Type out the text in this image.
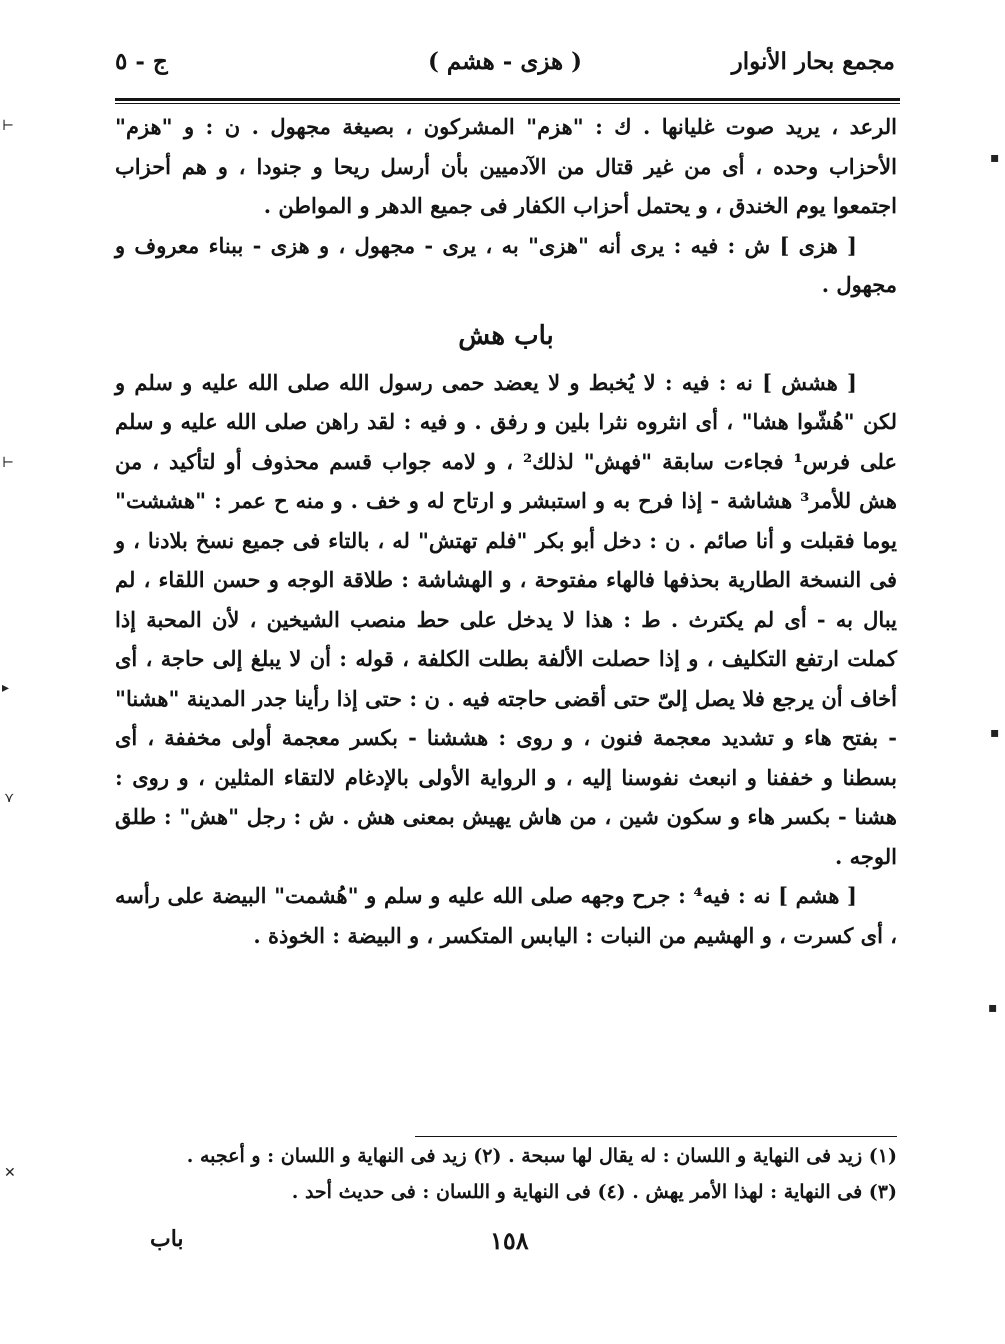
مجمع بحار الأنوار
( هزى - هشم )
ج - ٥

الرعد ، يريد صوت غليانها . ك : "هزم" المشركون ، بصيغة مجهول . ن : و "هزم" الأحزاب وحده ، أى من غير قتال من الآدميين بأن أرسل ريحا و جنودا ، و هم أحزاب اجتمعوا يوم الخندق ، و يحتمل أحزاب الكفار فى جميع الدهر و المواطن .

[ هزى ] ش : فيه : يرى أنه "هزى" به ، يرى - مجهول ، و هزى - ببناء معروف و مجهول .

باب هش

[ هشش ] نه : فيه : لا يُخبط و لا يعضد حمى رسول الله صلى الله عليه و سلم و لكن "هُشّوا هشا" ، أى انثروه نثرا بلين و رفق . و فيه : لقد راهن صلى الله عليه و سلم على فرس¹ فجاءت سابقة "فهش" لذلك² ، و لامه جواب قسم محذوف أو لتأكيد ، من هش للأمر³ هشاشة - إذا فرح به و استبشر و ارتاح له و خف . و منه ح عمر : "هششت" يوما فقبلت و أنا صائم . ن : دخل أبو بكر "فلم تهتش" له ، بالتاء فى جميع نسخ بلادنا ، و فى النسخة الطارية بحذفها فالهاء مفتوحة ، و الهشاشة : طلاقة الوجه و حسن اللقاء ، لم يبال به - أى لم يكترث . ط : هذا لا يدخل على حط منصب الشيخين ، لأن المحبة إذا كملت ارتفع التكليف ، و إذا حصلت الألفة بطلت الكلفة ، قوله : أن لا يبلغ إلى حاجة ، أى أخاف أن يرجع فلا يصل إلىّ حتى أقضى حاجته فيه . ن : حتى إذا رأينا جدر المدينة "هشنا" - بفتح هاء و تشديد معجمة فنون ، و روى : هششنا - بكسر معجمة أولى مخففة ، أى بسطنا و خففنا و انبعث نفوسنا إليه ، و الرواية الأولى بالإدغام لالتقاء المثلين ، و روى : هشنا - بكسر هاء و سكون شين ، من هاش يهيش بمعنى هش . ش : رجل "هش" : طلق الوجه .

[ هشم ] نه : فيه⁴ : جرح وجهه صلى الله عليه و سلم و "هُشمت" البيضة على رأسه ، أى كسرت ، و الهشيم من النبات : اليابس المتكسر ، و البيضة : الخوذة .

(١) زيد فى النهاية و اللسان : له يقال لها سبحة . (٢) زيد فى النهاية و اللسان : و أعجبه .

(٣) فى النهاية : لهذا الأمر يهش . (٤) فى النهاية و اللسان : فى حديث أحد .

باب	١٥٨
⊢
⊢
▸
⋎
✕
▪
▪
▪
